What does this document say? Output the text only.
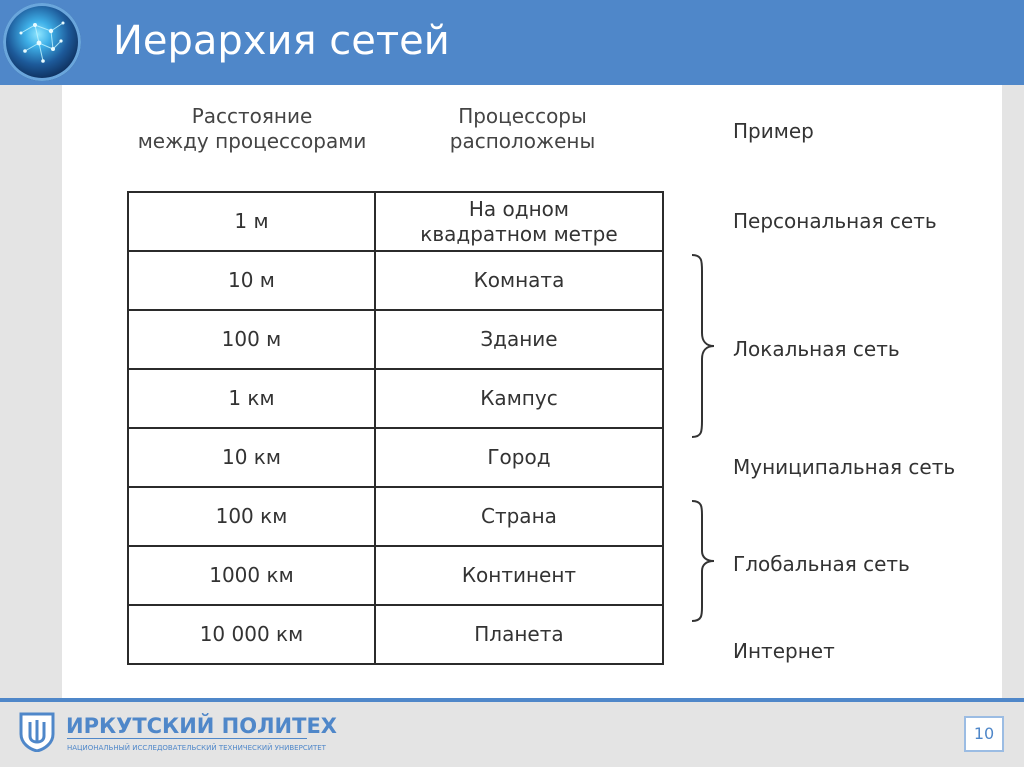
Иерархия сетей
Расстояние
между процессорами
Процессоры
расположены	Пример
1 м	На одном
квадратном метре

10 м	Комната
100 м	Здание
1 км	Кампус
10 км	Город
100 км	Страна
1000 км	Континент
10 000 км	Планета
Персональная сеть
Локальная сеть
Муниципальная сеть
Глобальная сеть
Интернет
ИРКУТСКИЙ ПОЛИТЕХ
НАЦИОНАЛЬНЫЙ ИССЛЕДОВАТЕЛЬСКИЙ ТЕХНИЧЕСКИЙ УНИВЕРСИТЕТ
10
